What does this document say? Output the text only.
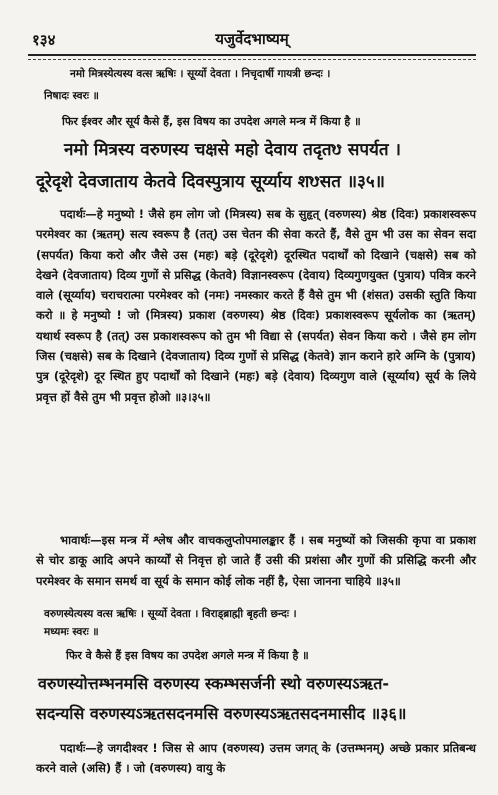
१३४	यजुर्वेदभाष्यम्
नमो मित्रस्येत्यस्य वत्स ऋषिः । सूर्य्यो देवता । निचृदार्षी गायत्री छन्दः ।
निषादः स्वरः ॥
फिर ईश्वर और सूर्य कैसे हैं, इस विषय का उपदेश अगले मन्त्र में किया है ॥
नमो मित्रस्य वरुणस्य चक्षसे महो देवाय तदृतᳪ सपर्यत ।
दूरेदृशे देवजाताय केतवे दिवस्पुत्राय सूर्य्याय शᳪसत ॥३५॥

पदार्थः—हे मनुष्यो ! जैसे हम लोग जो (मित्रस्य) सब के सुहृत् (वरुणस्य) श्रेष्ठ (दिवः) प्रकाशस्वरूप परमेश्वर का (ऋतम्) सत्य स्वरूप है (तत्) उस चेतन की सेवा करते हैं, वैसे तुम भी उस का सेवन सदा (सपर्यत) किया करो और जैसे उस (महः) बड़े (दूरेदृशे) दूरस्थित पदार्थों को दिखाने (चक्षसे) सब को देखने (देवजाताय) दिव्य गुणों से प्रसिद्ध (केतवे) विज्ञानस्वरूप (देवाय) दिव्यगुणयुक्त (पुत्राय) पवित्र करने वाले (सूर्य्याय) चराचरात्मा परमेश्वर को (नमः) नमस्कार करते हैं वैसे तुम भी (शंसत) उसकी स्तुति किया करो ॥ हे मनुष्यो ! जो (मित्रस्य) प्रकाश (वरुणस्य) श्रेष्ठ (दिवः) प्रकाशस्वरूप सूर्यलोक का (ऋतम्) यथार्थ स्वरूप है (तत्) उस प्रकाशस्वरूप को तुम भी विद्या से (सपर्यत) सेवन किया करो । जैसे हम लोग जिस (चक्षसे) सब के दिखाने (देवजाताय) दिव्य गुणों से प्रसिद्ध (केतवे) ज्ञान कराने हारे अग्नि के (पुत्राय) पुत्र (दूरेदृशे) दूर स्थित हुए पदार्थों को दिखाने (महः) बड़े (देवाय) दिव्यगुण वाले (सूर्य्याय) सूर्य के लिये प्रवृत्त हों वैसे तुम भी प्रवृत्त होओ ॥३।३५॥

भावार्थः—इस मन्त्र में श्लेष और वाचकलुप्तोपमालङ्कार हैं । सब मनुष्यों को जिसकी कृपा वा प्रकाश से चोर डाकू आदि अपने कार्य्यों से निवृत्त हो जाते हैं उसी की प्रशंसा और गुणों की प्रसिद्धि करनी और परमेश्वर के समान समर्थ वा सूर्य के समान कोई लोक नहीं है, ऐसा जानना चाहिये ॥३५॥

वरुणस्येत्यस्य वत्स ऋषिः । सूर्य्यो देवता । विराड्ब्राह्मी बृहती छन्दः ।
मध्यमः स्वरः ॥
फिर वे कैसे हैं इस विषय का उपदेश अगले मन्त्र में किया है ॥
वरुणस्योत्तम्भनमसि वरुणस्य स्कम्भसर्जनी स्थो वरुणस्यऽऋत-
सदन्यसि वरुणस्यऽऋतसदनमसि वरुणस्यऽऋतसदनमासीद ॥३६॥

पदार्थः—हे जगदीश्वर ! जिस से आप (वरुणस्य) उत्तम जगत् के (उत्तम्भनम्) अच्छे प्रकार प्रतिबन्ध करने वाले (असि) हैं । जो (वरुणस्य) वायु के
